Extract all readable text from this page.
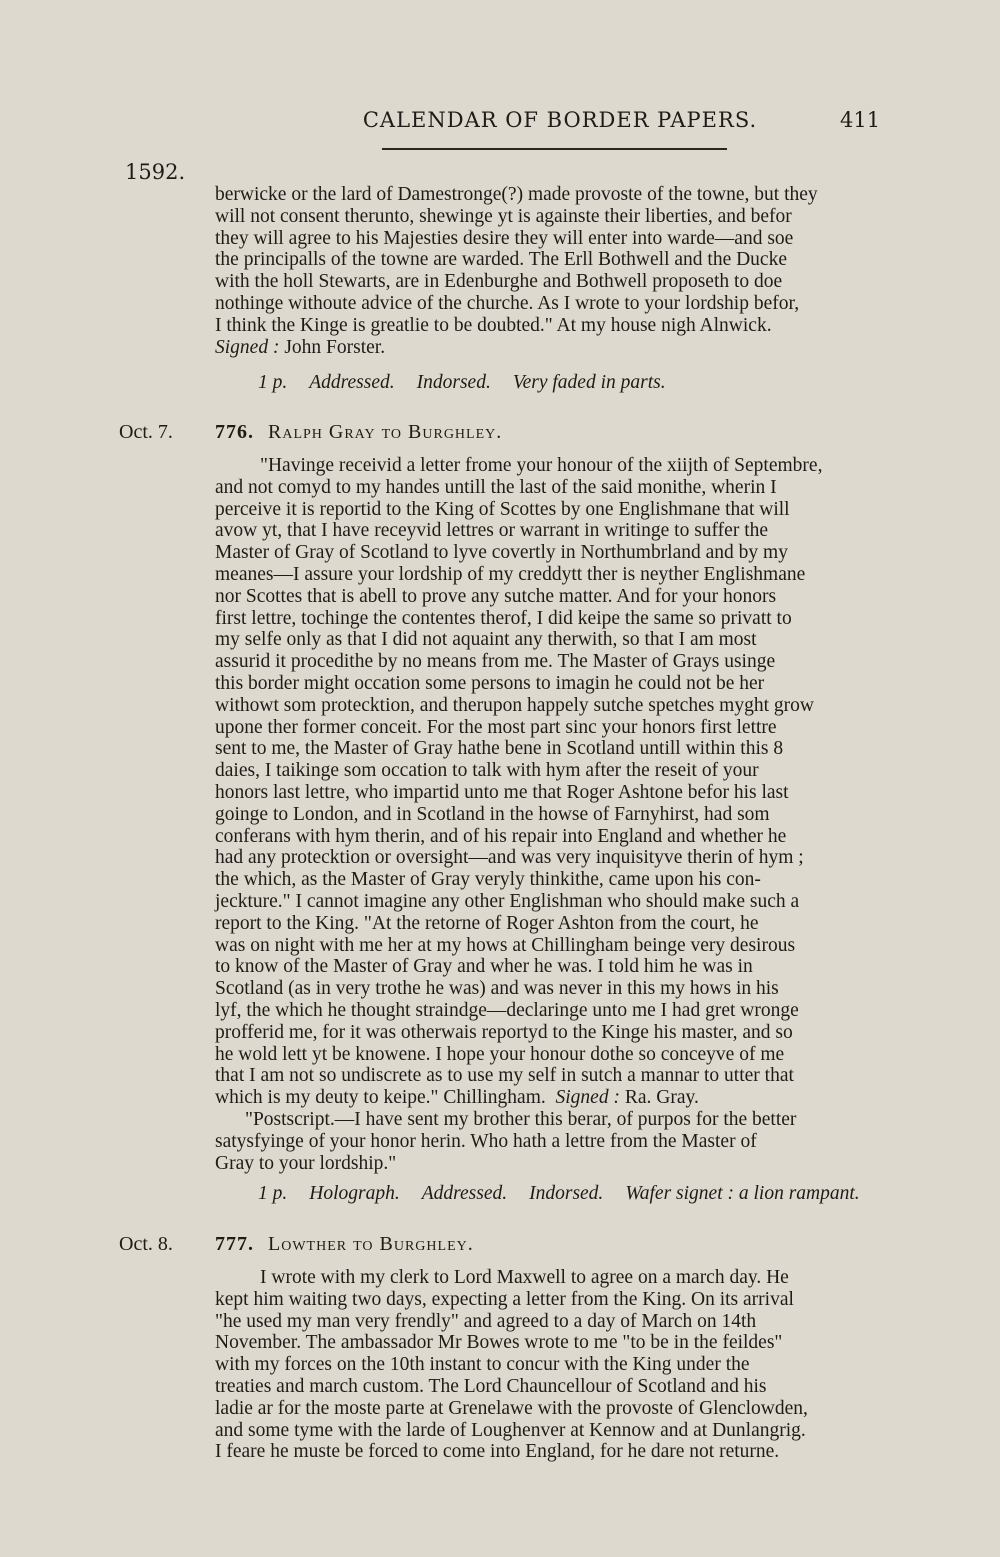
CALENDAR OF BORDER PAPERS.	411
1592.

berwicke or the lard of Damestronge(?) made provoste of the towne, but they

will not consent therunto, shewinge yt is againste their liberties, and befor

they will agree to his Majesties desire they will enter into warde—and soe

the principalls of the towne are warded. The Erll Bothwell and the Ducke

with the holl Stewarts, are in Edenburghe and Bothwell proposeth to doe

nothinge withoute advice of the churche. As I wrote to your lordship befor,

I think the Kinge is greatlie to be doubted." At my house nigh Alnwick.

Signed : John Forster.

1 p. Addressed. Indorsed. Very faded in parts.
Oct. 7. 776. Ralph Gray to Burghley.

"Havinge receivid a letter frome your honour of the xiijth of Septembre,

and not comyd to my handes untill the last of the said monithe, wherin I

perceive it is reportid to the King of Scottes by one Englishmane that will

avow yt, that I have receyvid lettres or warrant in writinge to suffer the

Master of Gray of Scotland to lyve covertly in Northumbrland and by my

meanes—I assure your lordship of my creddytt ther is neyther Englishmane

nor Scottes that is abell to prove any sutche matter. And for your honors

first lettre, tochinge the contentes therof, I did keipe the same so privatt to

my selfe only as that I did not aquaint any therwith, so that I am most

assurid it procedithe by no means from me. The Master of Grays usinge

this border might occation some persons to imagin he could not be her

withowt som protecktion, and therupon happely sutche spetches myght grow

upone ther former conceit. For the most part sinc your honors first lettre

sent to me, the Master of Gray hathe bene in Scotland untill within this 8

daies, I taikinge som occation to talk with hym after the reseit of your

honors last lettre, who impartid unto me that Roger Ashtone befor his last

goinge to London, and in Scotland in the howse of Farnyhirst, had som

conferans with hym therin, and of his repair into England and whether he

had any protecktion or oversight—and was very inquisityve therin of hym ;

the which, as the Master of Gray veryly thinkithe, came upon his con-

jeckture." I cannot imagine any other Englishman who should make such a

report to the King. "At the retorne of Roger Ashton from the court, he

was on night with me her at my hows at Chillingham beinge very desirous

to know of the Master of Gray and wher he was. I told him he was in

Scotland (as in very trothe he was) and was never in this my hows in his

lyf, the which he thought straindge—declaringe unto me I had gret wronge

profferid me, for it was otherwais reportyd to the Kinge his master, and so

he wold lett yt be knowene. I hope your honour dothe so conceyve of me

that I am not so undiscrete as to use my self in sutch a mannar to utter that

which is my deuty to keipe." Chillingham. Signed : Ra. Gray.

"Postscript.—I have sent my brother this berar, of purpos for the better

satysfyinge of your honor herin. Who hath a lettre from the Master of

Gray to your lordship."

1 p. Holograph. Addressed. Indorsed. Wafer signet : a lion rampant.
Oct. 8. 777. Lowther to Burghley.

I wrote with my clerk to Lord Maxwell to agree on a march day. He

kept him waiting two days, expecting a letter from the King. On its arrival

"he used my man very frendly" and agreed to a day of March on 14th

November. The ambassador Mr Bowes wrote to me "to be in the feildes"

with my forces on the 10th instant to concur with the King under the

treaties and march custom. The Lord Chauncellour of Scotland and his

ladie ar for the moste parte at Grenelawe with the provoste of Glenclowden,

and some tyme with the larde of Loughenver at Kennow and at Dunlangrig.

I feare he muste be forced to come into England, for he dare not returne.
